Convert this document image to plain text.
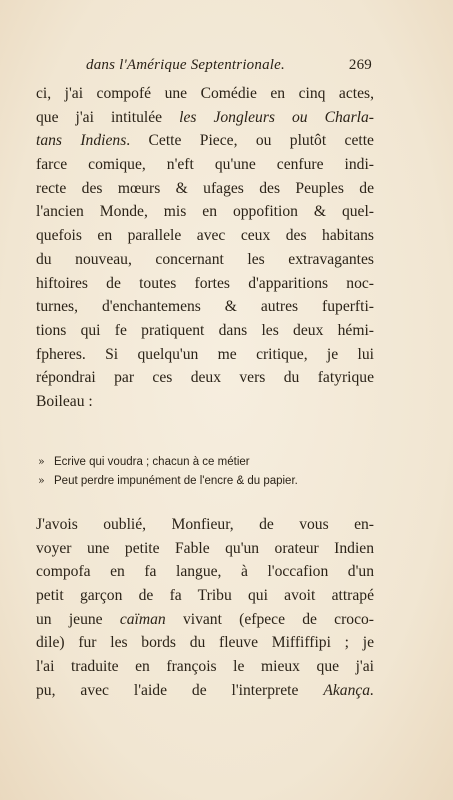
dans l'Amérique Septentrionale.	269
ci, j'ai compofé une Comédie en cinq actes,
que j'ai intitulée les Jongleurs ou Charla-
tans Indiens. Cette Piece, ou plutôt cette
farce comique, n'eft qu'une cenfure indi-
recte des mœurs & ufages des Peuples de
l'ancien Monde, mis en oppofition & quel-
quefois en parallele avec ceux des habitans
du nouveau, concernant les extravagantes
hiftoires de toutes fortes d'apparitions noc-
turnes, d'enchantemens & autres fuperfti-
tions qui fe pratiquent dans les deux hémi-
fpheres. Si quelqu'un me critique, je lui
répondrai par ces deux vers du fatyrique
Boileau :
» Ecrive qui voudra ; chacun à ce métier
» Peut perdre impunément de l'encre & du papier.
J'avois oublié, Monfieur, de vous en-
voyer une petite Fable qu'un orateur Indien
compofa en fa langue, à l'occafion d'un
petit garçon de fa Tribu qui avoit attrapé
un jeune caïman vivant (efpece de croco-
dile) fur les bords du fleuve Miffiffipi ; je
l'ai traduite en françois le mieux que j'ai
pu, avec l'aide de l'interprete Akança.
